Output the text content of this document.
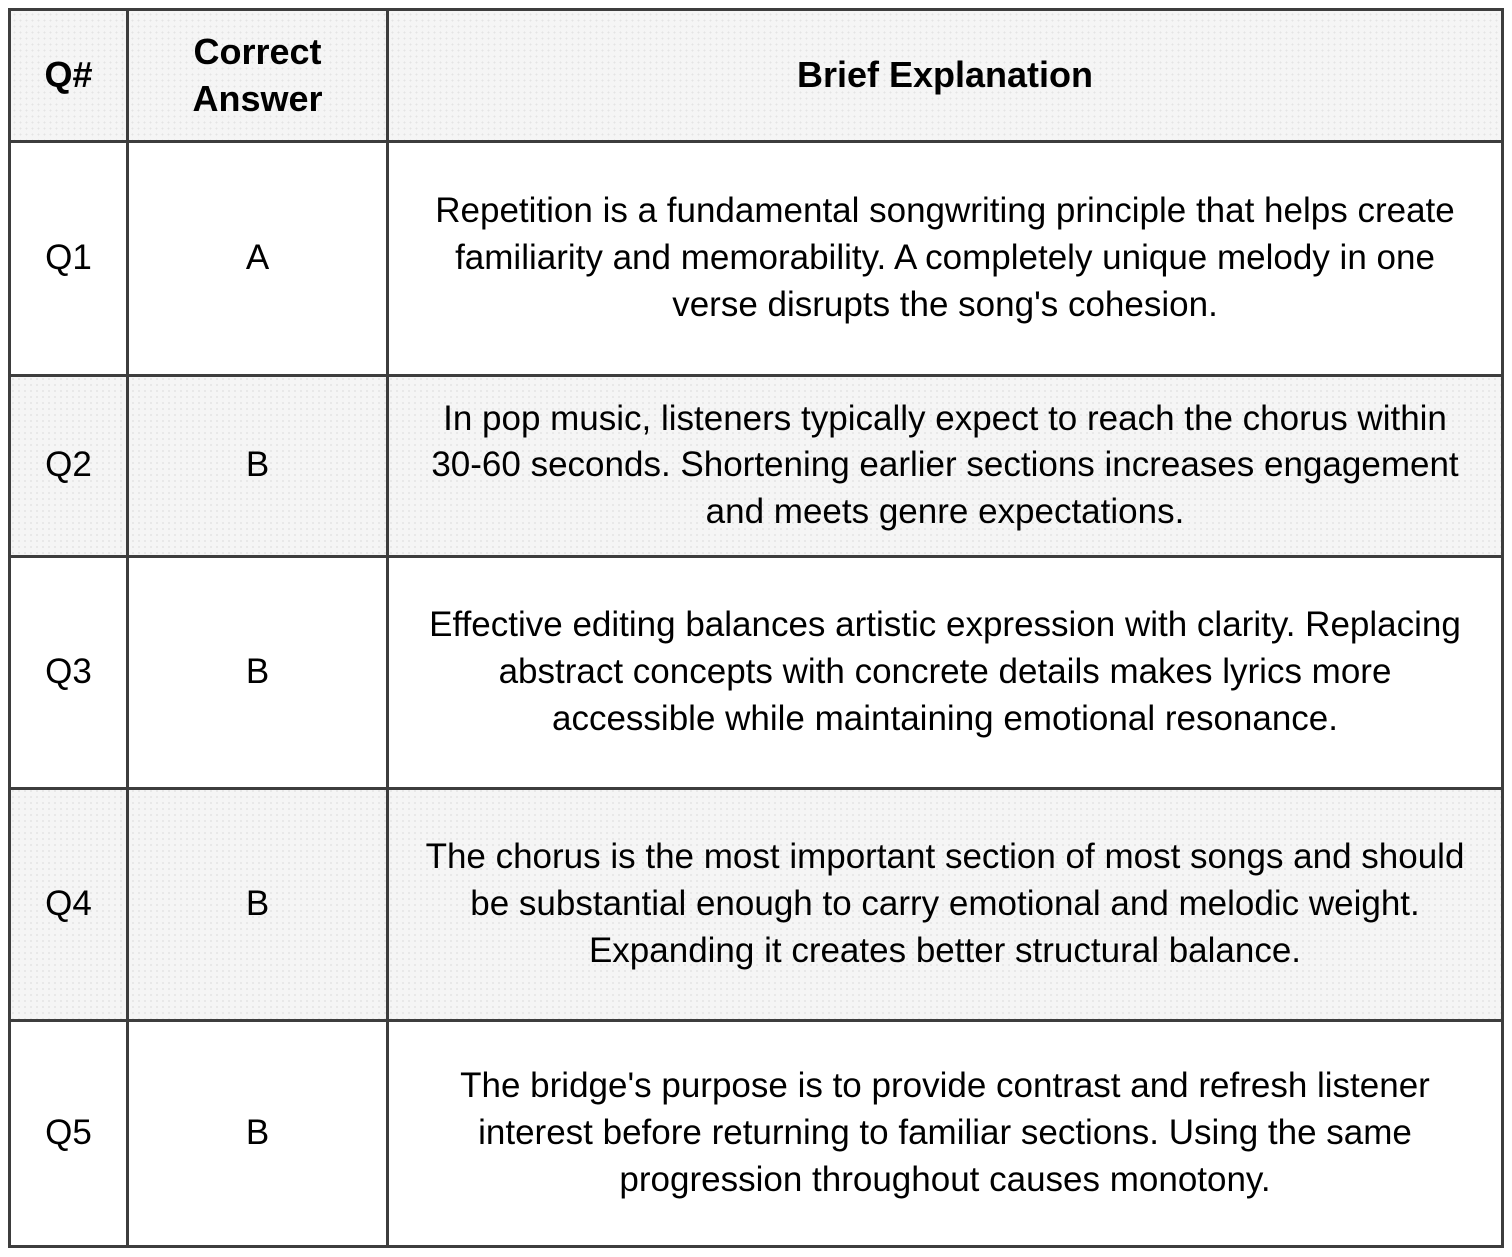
Q#	Correct Answer	Brief Explanation
Q1	A	Repetition is a fundamental songwriting principle that helps create familiarity and memorability. A completely unique melody in one verse disrupts the song's cohesion.
Q2	B	In pop music, listeners typically expect to reach the chorus within 30-60 seconds. Shortening earlier sections increases engagement and meets genre expectations.
Q3	B	Effective editing balances artistic expression with clarity. Replacing abstract concepts with concrete details makes lyrics more accessible while maintaining emotional resonance.
Q4	B	The chorus is the most important section of most songs and should be substantial enough to carry emotional and melodic weight. Expanding it creates better structural balance.
Q5	B	The bridge's purpose is to provide contrast and refresh listener interest before returning to familiar sections. Using the same progression throughout causes monotony.
